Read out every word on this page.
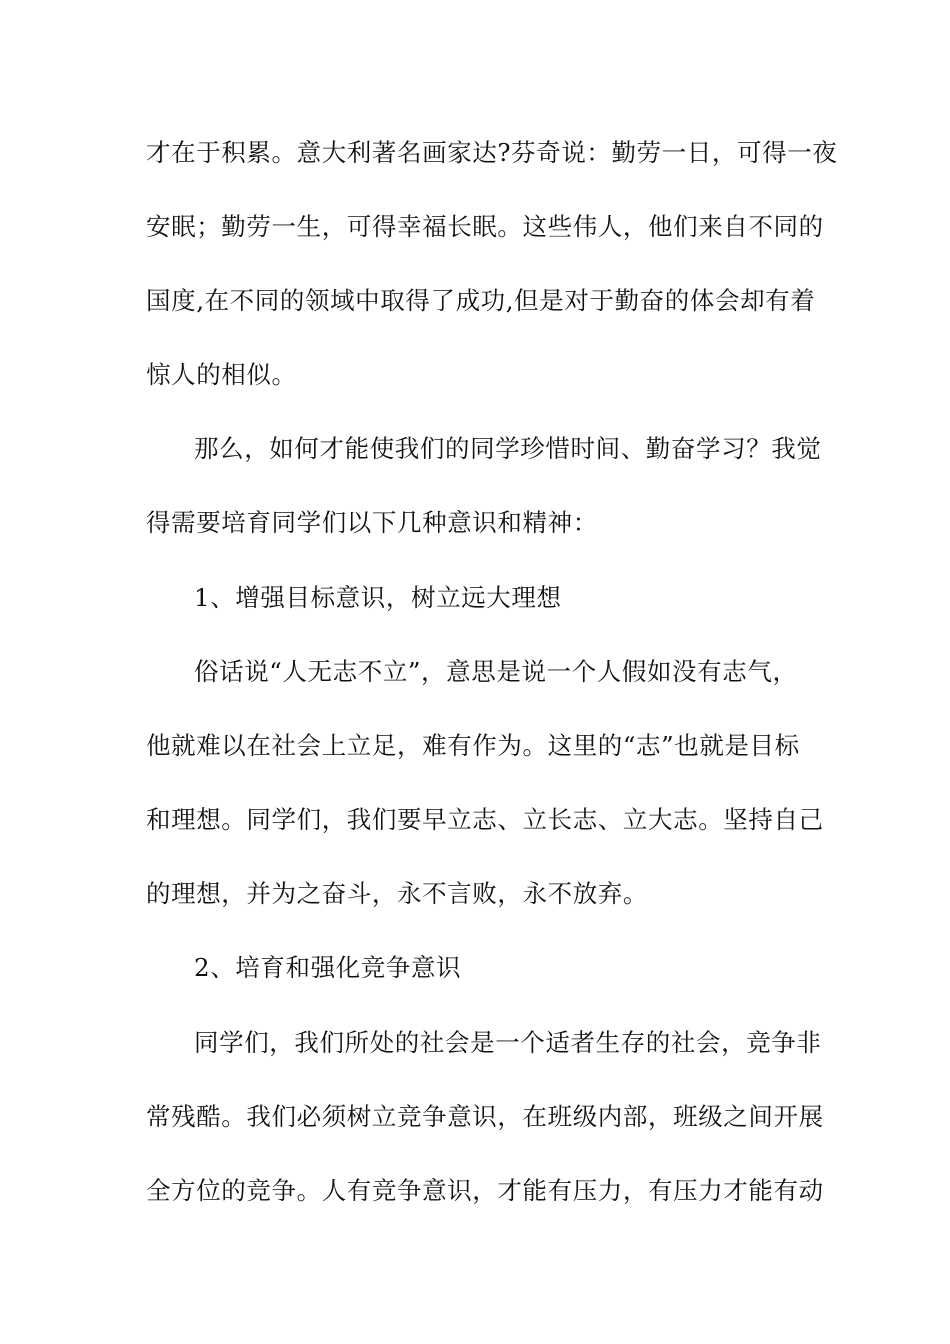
才在于积累。意大利著名画家达?芬奇说：勤劳一日，可得一夜
安眠；勤劳一生，可得幸福长眠。这些伟人，他们来自不同的
国度,在不同的领域中取得了成功,但是对于勤奋的体会却有着
惊人的相似。
那么，如何才能使我们的同学珍惜时间、勤奋学习？我觉
得需要培育同学们以下几种意识和精神：
1、增强目标意识，树立远大理想
俗话说“人无志不立”，意思是说一个人假如没有志气，
他就难以在社会上立足，难有作为。这里的“志”也就是目标
和理想。同学们，我们要早立志、立长志、立大志。坚持自己
的理想，并为之奋斗，永不言败，永不放弃。
2、培育和强化竞争意识
同学们，我们所处的社会是一个适者生存的社会，竞争非
常残酷。我们必须树立竞争意识，在班级内部，班级之间开展
全方位的竞争。人有竞争意识，才能有压力，有压力才能有动
